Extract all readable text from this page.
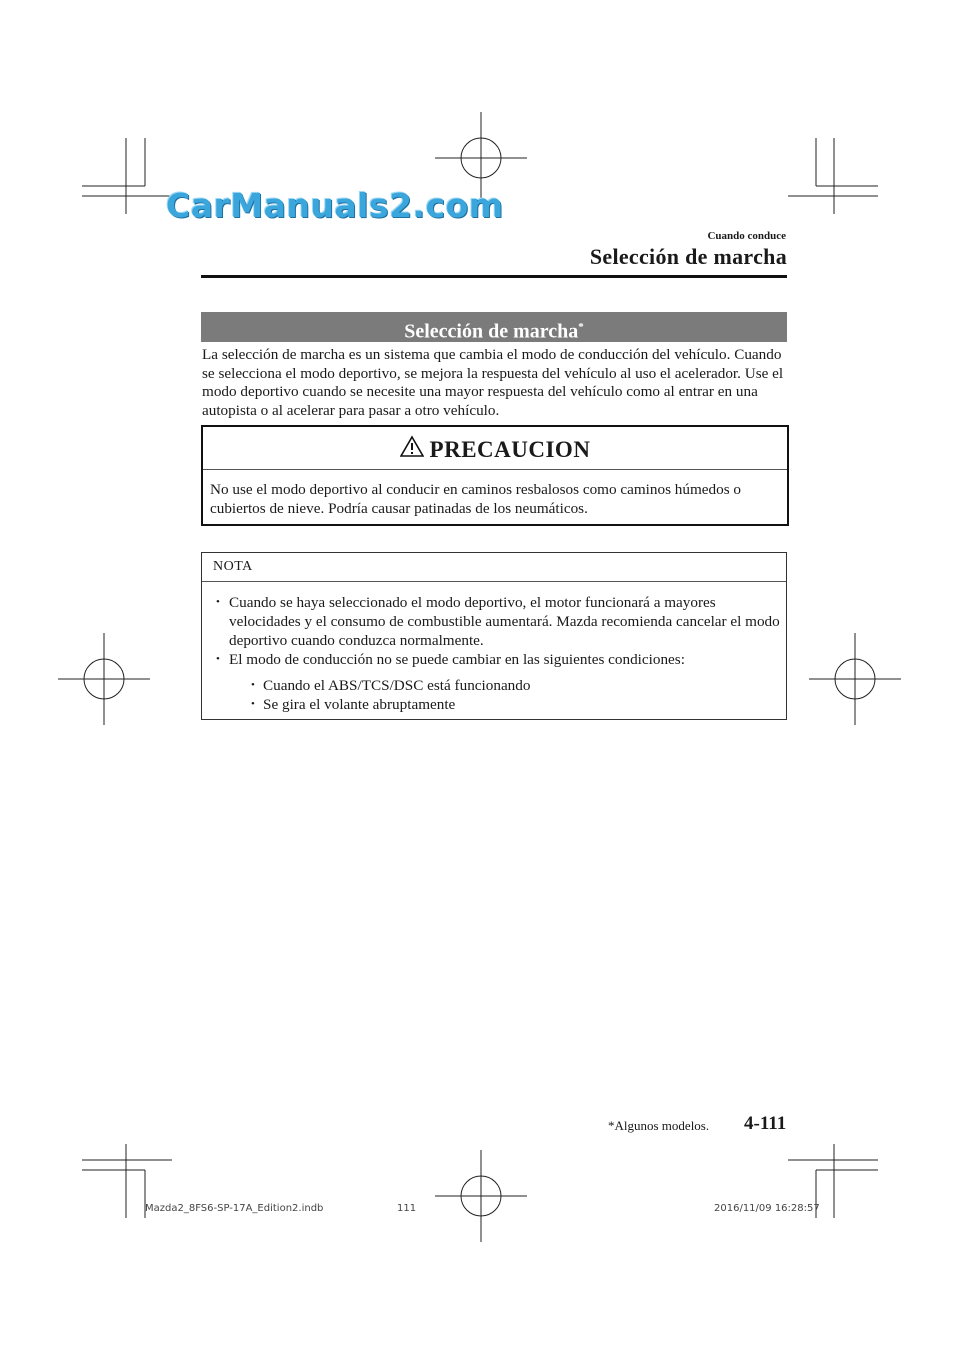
CarManuals2.com
Cuando conduce
Selección de marcha
Selección de marcha*

La selección de marcha es un sistema que cambia el modo de conducción del vehículo. Cuando se selecciona el modo deportivo, se mejora la respuesta del vehículo al uso el acelerador. Use el modo deportivo cuando se necesite una mayor respuesta del vehículo como al entrar en una autopista o al acelerar para pasar a otro vehículo.

PRECAUCION

No use el modo deportivo al conducir en caminos resbalosos como caminos húmedos o cubiertos de nieve. Podría causar patinadas de los neumáticos.

NOTA
• Cuando se haya seleccionado el modo deportivo, el motor funcionará a mayores velocidades y el consumo de combustible aumentará. Mazda recomienda cancelar el modo deportivo cuando conduzca normalmente.
• El modo de conducción no se puede cambiar en las siguientes condiciones:
• Cuando el ABS/TCS/DSC está funcionando
• Se gira el volante abruptamente
*Algunos modelos. 4-111
Mazda2_8FS6-SP-17A_Edition2.indb	111	2016/11/09 16:28:57
